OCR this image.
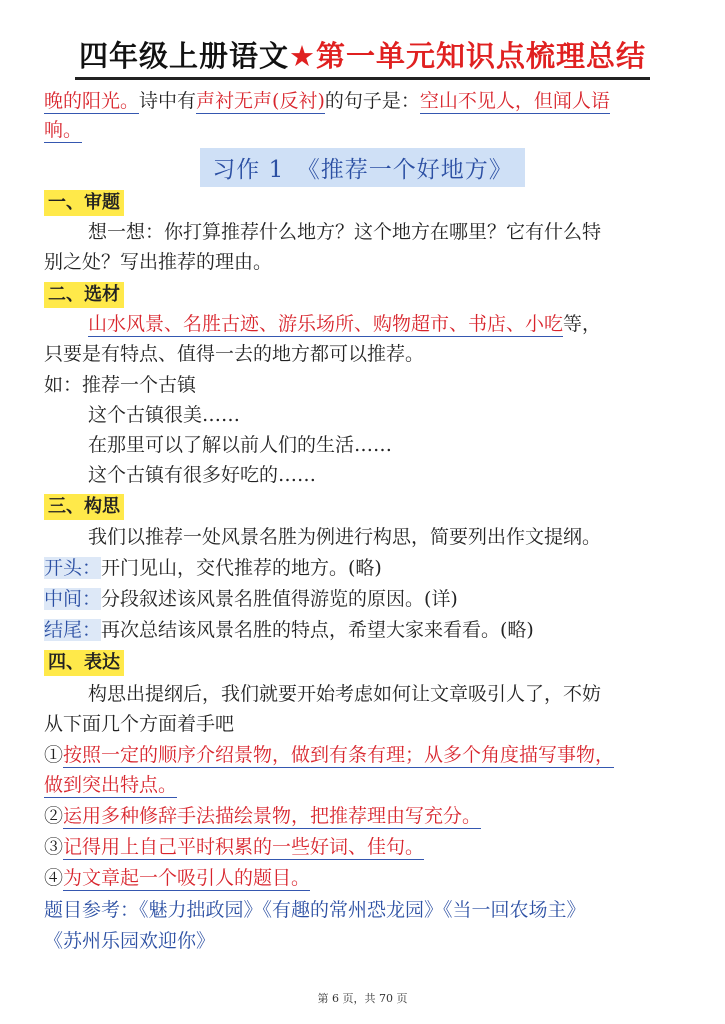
四年级上册语文★第一单元知识点梳理总结
晚的阳光。诗中有声衬无声(反衬)的句子是：空山不见人，但闻人语
响。
习作 1　《推荐一个好地方》
一、审题
想一想：你打算推荐什么地方？这个地方在哪里？它有什么特
别之处？写出推荐的理由。
二、选材
山水风景、名胜古迹、游乐场所、购物超市、书店、小吃等，
只要是有特点、值得一去的地方都可以推荐。
如：推荐一个古镇
这个古镇很美……
在那里可以了解以前人们的生活……
这个古镇有很多好吃的……
三、构思
我们以推荐一处风景名胜为例进行构思，简要列出作文提纲。
开头：开门见山，交代推荐的地方。(略)
中间：分段叙述该风景名胜值得游览的原因。(详)
结尾：再次总结该风景名胜的特点，希望大家来看看。(略)
四、表达
构思出提纲后，我们就要开始考虑如何让文章吸引人了，不妨
从下面几个方面着手吧
①按照一定的顺序介绍景物，做到有条有理；从多个角度描写事物，
做到突出特点。
②运用多种修辞手法描绘景物，把推荐理由写充分。
③记得用上自己平时积累的一些好词、佳句。
④为文章起一个吸引人的题目。
题目参考：《魅力拙政园》《有趣的常州恐龙园》《当一回农场主》
《苏州乐园欢迎你》
第 6 页，共 70 页
